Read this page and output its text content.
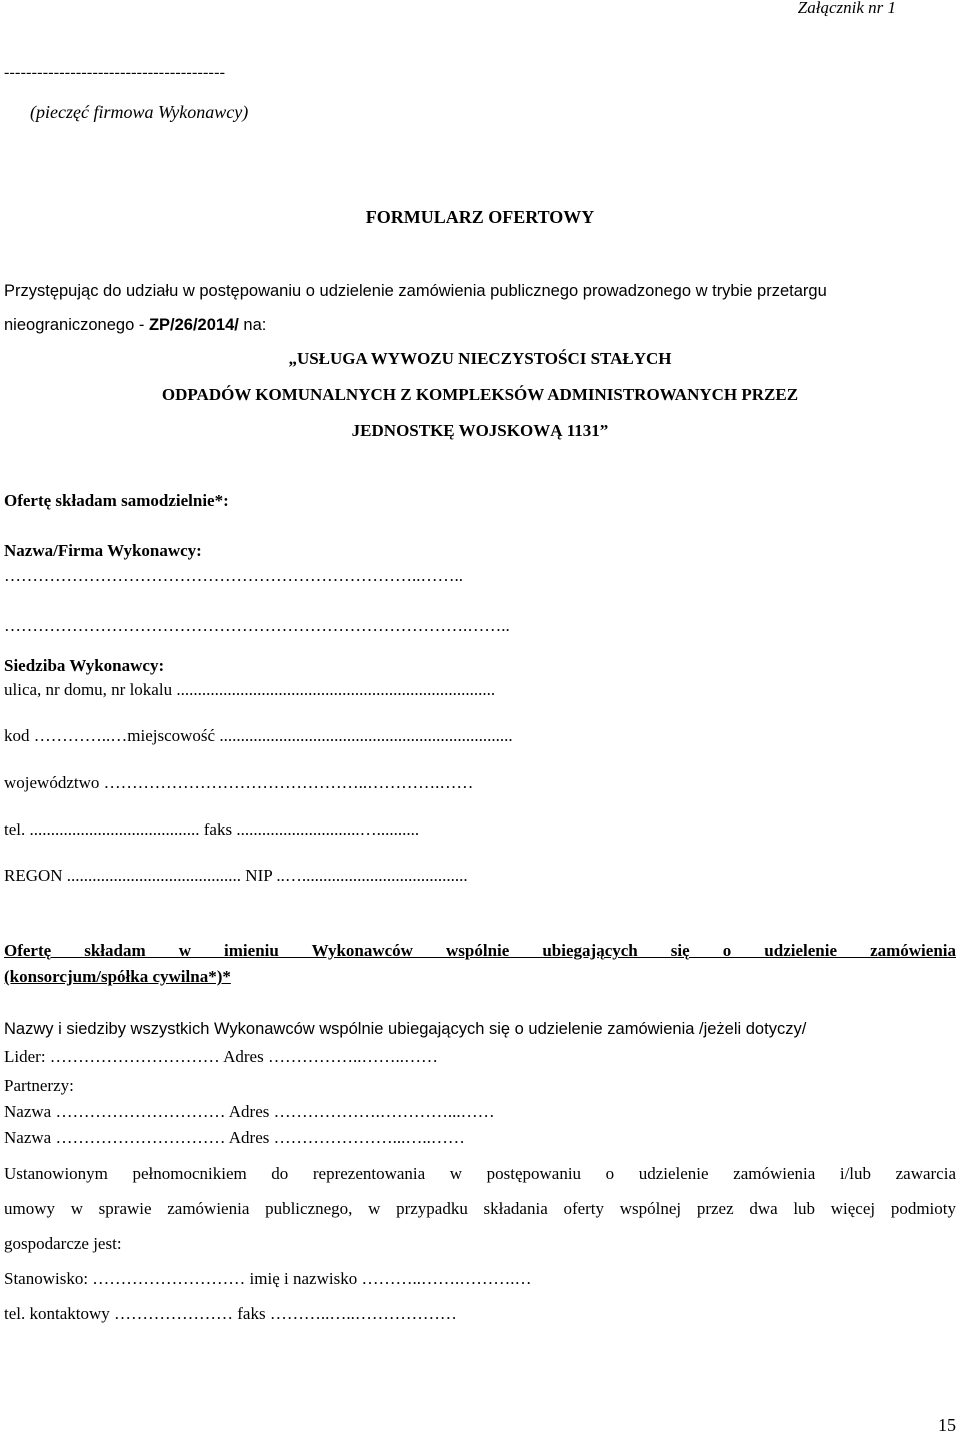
Załącznik nr 1
----------------------------------------
(pieczęć firmowa Wykonawcy)
FORMULARZ OFERTOWY
Przystępując do udziału w postępowaniu o udzielenie zamówienia publicznego prowadzonego w trybie przetargu
nieograniczonego - ZP/26/2014/ na:
„USŁUGA WYWOZU NIECZYSTOŚCI STAŁYCH
ODPADÓW KOMUNALNYCH Z KOMPLEKSÓW ADMINISTROWANYCH PRZEZ
JEDNOSTKĘ WOJSKOWĄ 1131”
Ofertę składam samodzielnie*:
Nazwa/Firma Wykonawcy:
………………………………………………………………..……..
……………………………………………………………………….……..
Siedziba Wykonawcy:
ulica, nr domu, nr lokalu ...........................................................................
kod …………..…miejscowość .....................................................................
województwo ………………………………………..………….……
tel. ........................................ faks .............................…..........
REGON ......................................... NIP ..….......................................
Ofertę składam w imieniu Wykonawców wspólnie ubiegających się o udzielenie zamówienia
(konsorcjum/spółka cywilna*)*
Nazwy i siedziby wszystkich Wykonawców wspólnie ubiegających się o udzielenie zamówienia /jeżeli dotyczy/
Lider: ………………………… Adres ……………..……..……
Partnerzy:
Nazwa ………………………… Adres ……………….…………...……
Nazwa ………………………… Adres …………………...…..……
Ustanowionym pełnomocnikiem do reprezentowania w postępowaniu o udzielenie zamówienia i/lub zawarcia
umowy w sprawie zamówienia publicznego, w przypadku składania oferty wspólnej przez dwa lub więcej podmioty
gospodarcze jest:
Stanowisko: ……………………… imię i nazwisko ………..…….……….…
tel. kontaktowy ………………… faks ………..…..………………
15
